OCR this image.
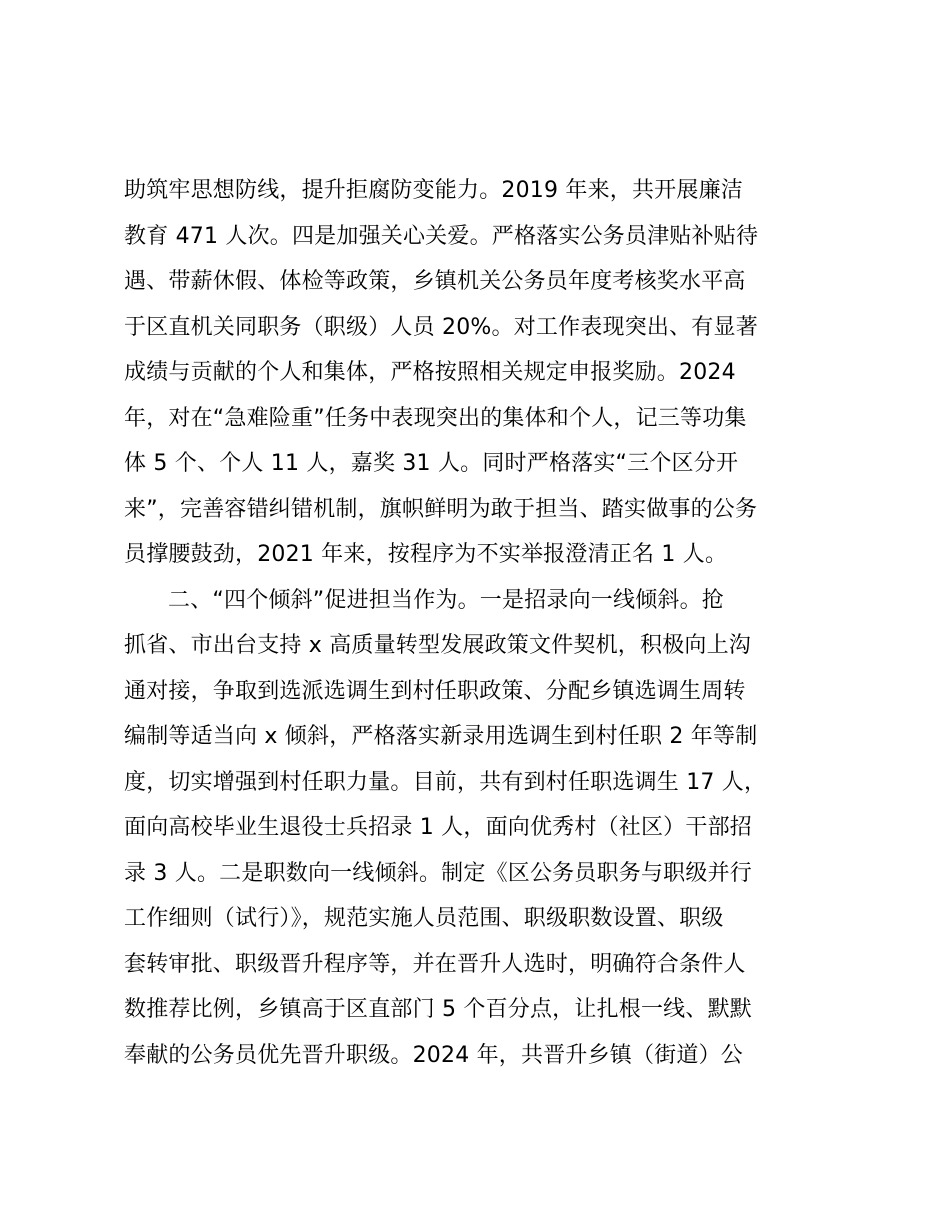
助筑牢思想防线，提升拒腐防变能力。2019 年来，共开展廉洁
教育 471 人次。四是加强关心关爱。严格落实公务员津贴补贴待
遇、带薪休假、体检等政策，乡镇机关公务员年度考核奖水平高
于区直机关同职务（职级）人员 20%。对工作表现突出、有显著
成绩与贡献的个人和集体，严格按照相关规定申报奖励。2024
年，对在“急难险重”任务中表现突出的集体和个人，记三等功集
体 5 个、个人 11 人，嘉奖 31 人。同时严格落实“三个区分开
来”，完善容错纠错机制，旗帜鲜明为敢于担当、踏实做事的公务
员撑腰鼓劲，2021 年来，按程序为不实举报澄清正名 1 人。
二、“四个倾斜”促进担当作为。一是招录向一线倾斜。抢
抓省、市出台支持 x 高质量转型发展政策文件契机，积极向上沟
通对接，争取到选派选调生到村任职政策、分配乡镇选调生周转
编制等适当向 x 倾斜，严格落实新录用选调生到村任职 2 年等制
度，切实增强到村任职力量。目前，共有到村任职选调生 17 人，
面向高校毕业生退役士兵招录 1 人，面向优秀村（社区）干部招
录 3 人。二是职数向一线倾斜。制定《区公务员职务与职级并行
工作细则（试行）》，规范实施人员范围、职级职数设置、职级
套转审批、职级晋升程序等，并在晋升人选时，明确符合条件人
数推荐比例，乡镇高于区直部门 5 个百分点，让扎根一线、默默
奉献的公务员优先晋升职级。2024 年，共晋升乡镇（街道）公
